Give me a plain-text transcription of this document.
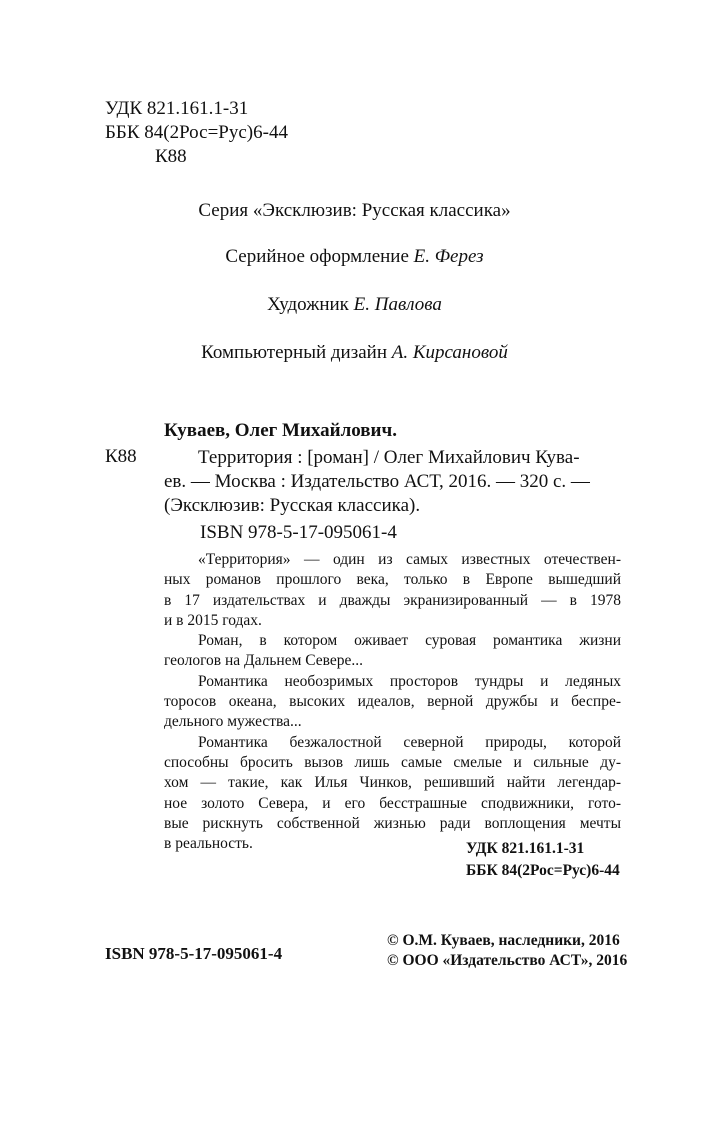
УДК 821.161.1-31
ББК 84(2Рос=Рус)6-44
К88
Серия «Эксклюзив: Русская классика»
Серийное оформление Е. Ферез
Художник Е. Павлова
Компьютерный дизайн А. Кирсановой
Куваев, Олег Михайлович.
К88	Территория : [роман] / Олег Михайлович Кува-
ев. — Москва : Издательство АСТ, 2016. — 320 с. —
(Эксклюзив: Русская классика).
ISBN 978-5-17-095061-4
«Территория» — один из самых известных отечествен-
ных романов прошлого века, только в Европе вышедший
в 17 издательствах и дважды экранизированный — в 1978
и в 2015 годах.
Роман, в котором оживает суровая романтика жизни
геологов на Дальнем Севере...
Романтика необозримых просторов тундры и ледяных
торосов океана, высоких идеалов, верной дружбы и беспре-
дельного мужества...
Романтика безжалостной северной природы, которой
способны бросить вызов лишь самые смелые и сильные ду-
хом — такие, как Илья Чинков, решивший найти легендар-
ное золото Севера, и его бесстрашные сподвижники, гото-
вые рискнуть собственной жизнью ради воплощения мечты
в реальность.	УДК 821.161.1-31
ББК 84(2Рос=Рус)6-44
ISBN 978-5-17-095061-4
© О.М. Куваев, наследники, 2016
© ООО «Издательство АСТ», 2016
